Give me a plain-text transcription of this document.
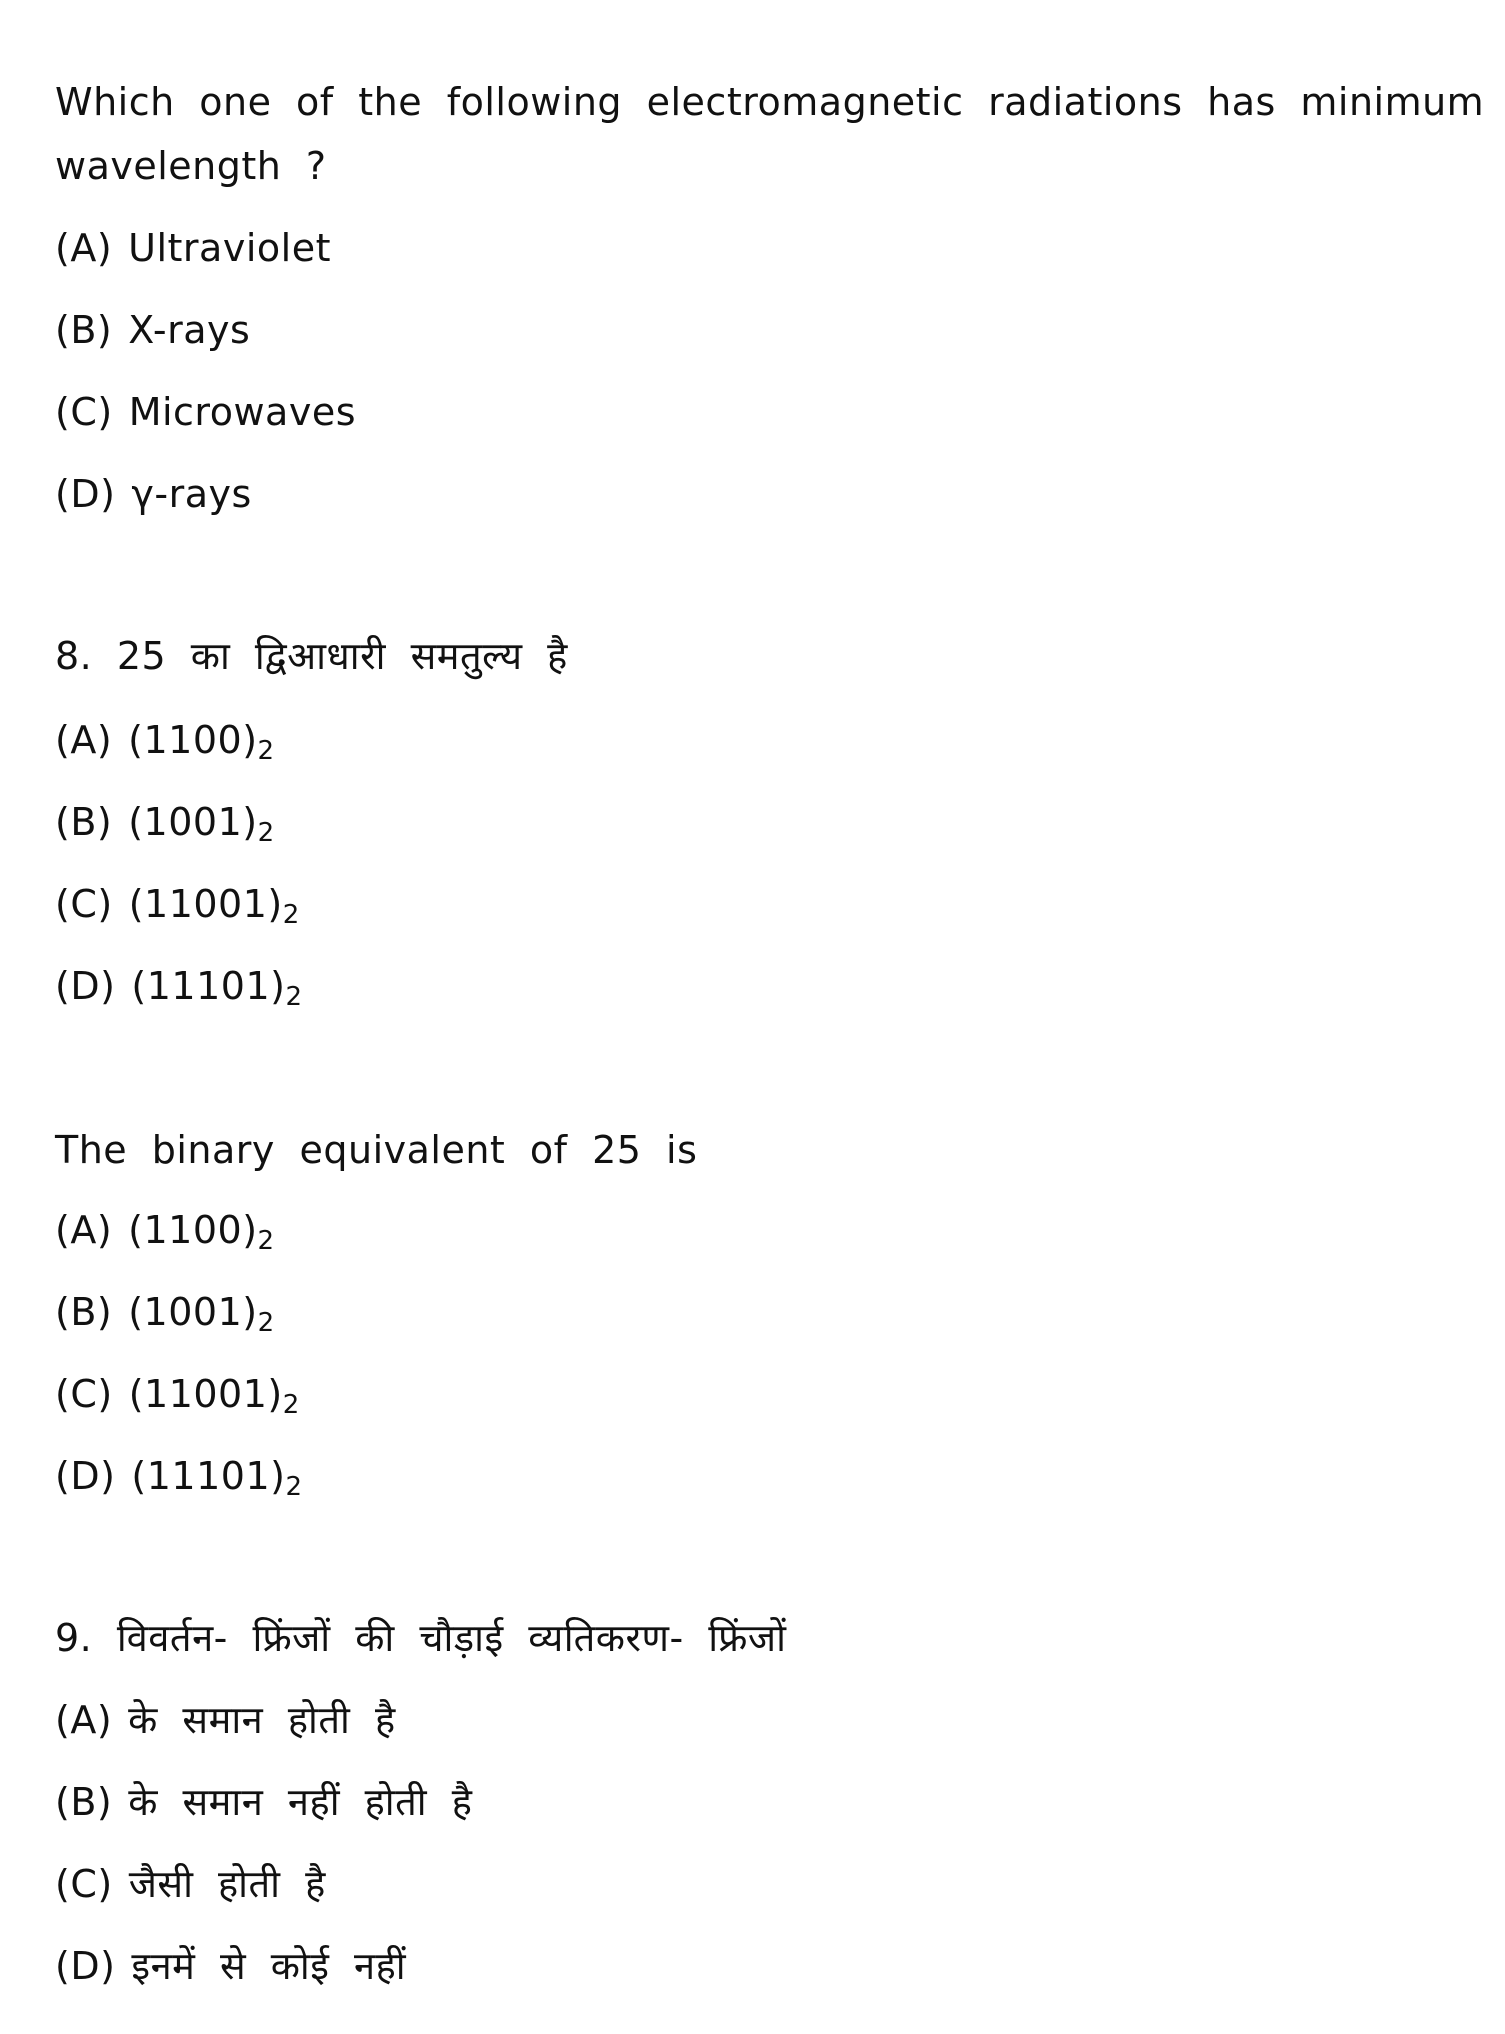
Which one of the following electromagnetic radiations has minimum
wavelength ?
(A) Ultraviolet
(B) X-rays
(C) Microwaves
(D) γ-rays
8. 25 का द्विआधारी समतुल्य है
(A) $(1100)_2$
(B) $(1001)_2$
(C) $(11001)_2$
(D) $(11101)_2$
The binary equivalent of 25 is
(A) $(1100)_2$
(B) $(1001)_2$
(C) $(11001)_2$
(D) $(11101)_2$
9. विवर्तन- फ्रिंजों की चौड़ाई व्यतिकरण- फ्रिंजों
(A) के समान होती है
(B) के समान नहीं होती है
(C) जैसी होती है
(D) इनमें से कोई नहीं
